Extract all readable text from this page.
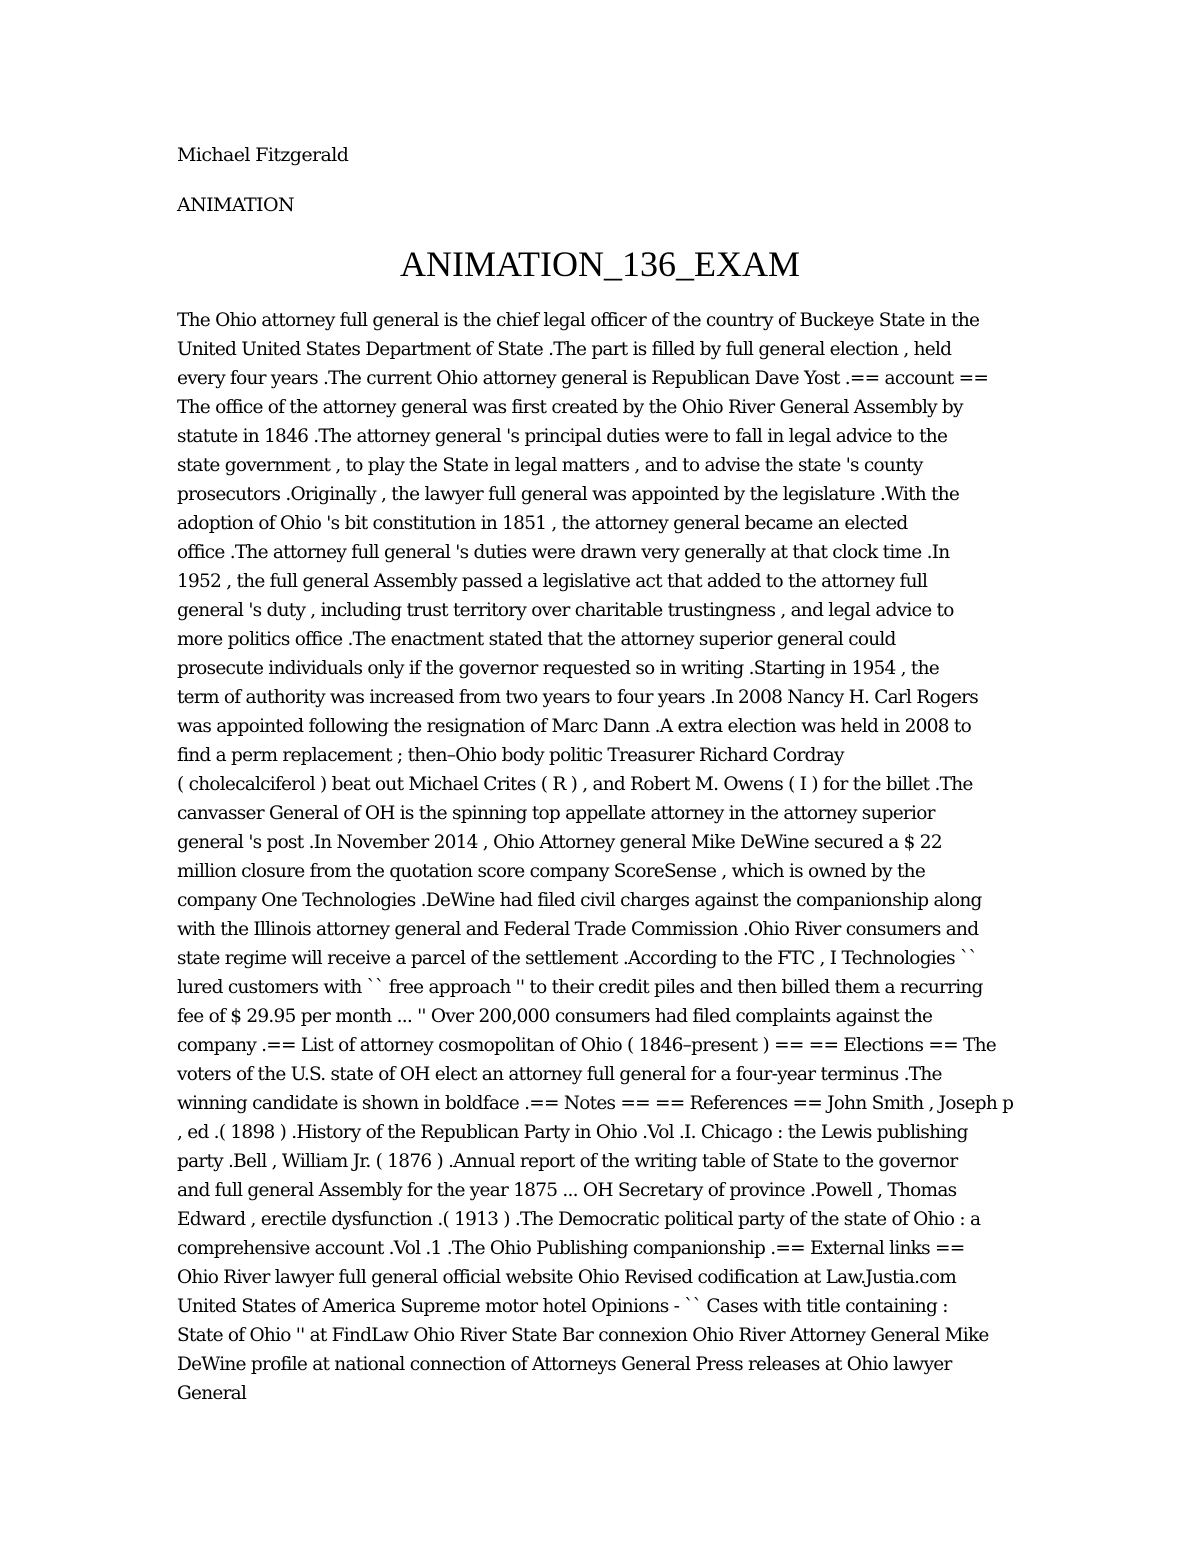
Michael Fitzgerald
ANIMATION
ANIMATION_136_EXAM
The Ohio attorney full general is the chief legal officer of the country of Buckeye State in the
United United States Department of State .The part is filled by full general election , held
every four years .The current Ohio attorney general is Republican Dave Yost .== account ==
The office of the attorney general was first created by the Ohio River General Assembly by
statute in 1846 .The attorney general 's principal duties were to fall in legal advice to the
state government , to play the State in legal matters , and to advise the state 's county
prosecutors .Originally , the lawyer full general was appointed by the legislature .With the
adoption of Ohio 's bit constitution in 1851 , the attorney general became an elected
office .The attorney full general 's duties were drawn very generally at that clock time .In
1952 , the full general Assembly passed a legislative act that added to the attorney full
general 's duty , including trust territory over charitable trustingness , and legal advice to
more politics office .The enactment stated that the attorney superior general could
prosecute individuals only if the governor requested so in writing .Starting in 1954 , the
term of authority was increased from two years to four years .In 2008 Nancy H. Carl Rogers
was appointed following the resignation of Marc Dann .A extra election was held in 2008 to
find a perm replacement ; then–Ohio body politic Treasurer Richard Cordray
( cholecalciferol ) beat out Michael Crites ( R ) , and Robert M. Owens ( I ) for the billet .The
canvasser General of OH is the spinning top appellate attorney in the attorney superior
general 's post .In November 2014 , Ohio Attorney general Mike DeWine secured a $ 22
million closure from the quotation score company ScoreSense , which is owned by the
company One Technologies .DeWine had filed civil charges against the companionship along
with the Illinois attorney general and Federal Trade Commission .Ohio River consumers and
state regime will receive a parcel of the settlement .According to the FTC , I Technologies ``
lured customers with `` free approach '' to their credit piles and then billed them a recurring
fee of $ 29.95 per month ... '' Over 200,000 consumers had filed complaints against the
company .== List of attorney cosmopolitan of Ohio ( 1846–present ) == == Elections == The
voters of the U.S. state of OH elect an attorney full general for a four-year terminus .The
winning candidate is shown in boldface .== Notes == == References == John Smith , Joseph p
, ed .( 1898 ) .History of the Republican Party in Ohio .Vol .I. Chicago : the Lewis publishing
party .Bell , William Jr. ( 1876 ) .Annual report of the writing table of State to the governor
and full general Assembly for the year 1875 ... OH Secretary of province .Powell , Thomas
Edward , erectile dysfunction .( 1913 ) .The Democratic political party of the state of Ohio : a
comprehensive account .Vol .1 .The Ohio Publishing companionship .== External links ==
Ohio River lawyer full general official website Ohio Revised codification at Law.Justia.com
United States of America Supreme motor hotel Opinions - `` Cases with title containing :
State of Ohio '' at FindLaw Ohio River State Bar connexion Ohio River Attorney General Mike
DeWine profile at national connection of Attorneys General Press releases at Ohio lawyer
General
